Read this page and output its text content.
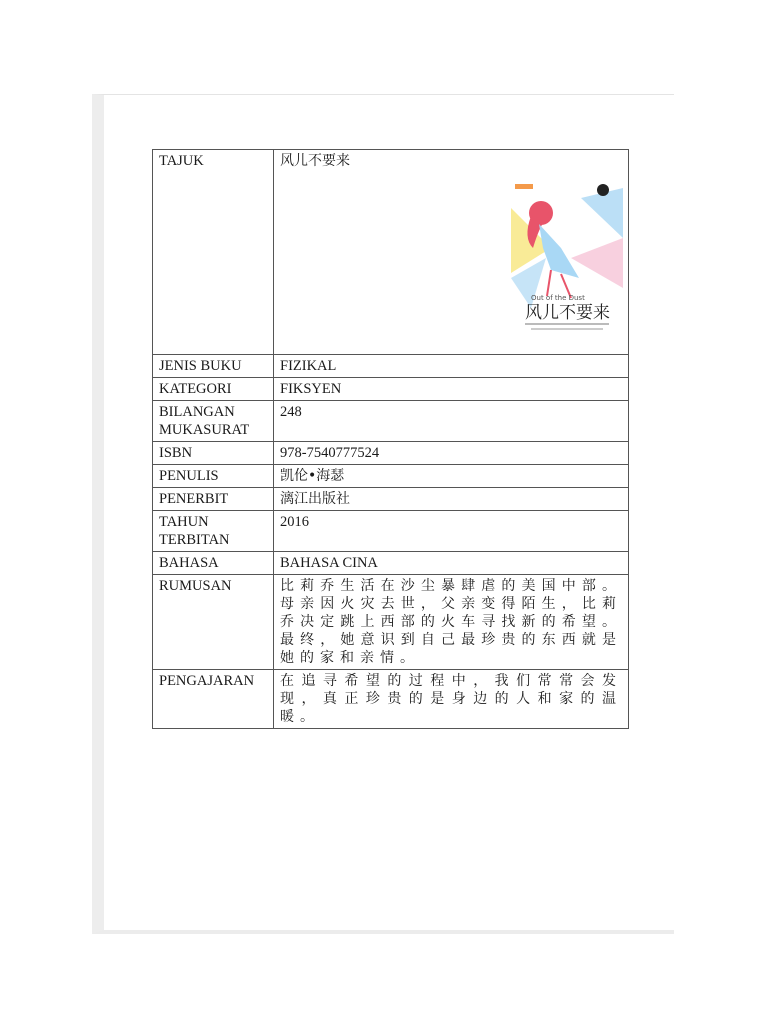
TAJUK	风儿不要来
Out of the Dust
风儿不要来

JENIS BUKU	FIZIKAL
KATEGORI	FIKSYEN
BILANGAN MUKASURAT	248
ISBN	978-7540777524
PENULIS	凯伦•海瑟
PENERBIT	漓江出版社
TAHUN TERBITAN	2016
BAHASA	BAHASA CINA
RUMUSAN	比莉乔生活在沙尘暴肆虐的美国中部。母亲因火灾去世，父亲变得陌生，比莉乔决定跳上西部的火车寻找新的希望。最终，她意识到自己最珍贵的东西就是她的家和亲情。
PENGAJARAN	在追寻希望的过程中，我们常常会发现，真正珍贵的是身边的人和家的温暖。
